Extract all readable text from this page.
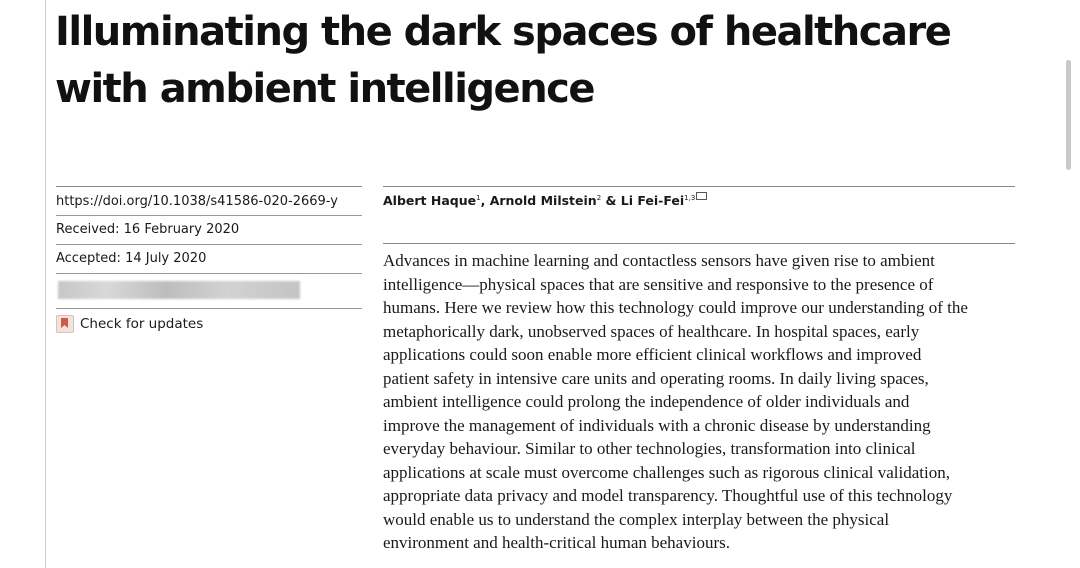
Illuminating the dark spaces of healthcare
with ambient intelligence
https://doi.org/10.1038/s41586-020-2669-y
Received: 16 February 2020
Accepted: 14 July 2020
Check for updates
Albert Haque$^1$, Arnold Milstein$^2$ & Li Fei-Fei$^{1,3}$
Advances in machine learning and contactless sensors have given rise to ambient
intelligence—physical spaces that are sensitive and responsive to the presence of
humans. Here we review how this technology could improve our understanding of the
metaphorically dark, unobserved spaces of healthcare. In hospital spaces, early
applications could soon enable more efficient clinical workflows and improved
patient safety in intensive care units and operating rooms. In daily living spaces,
ambient intelligence could prolong the independence of older individuals and
improve the management of individuals with a chronic disease by understanding
everyday behaviour. Similar to other technologies, transformation into clinical
applications at scale must overcome challenges such as rigorous clinical validation,
appropriate data privacy and model transparency. Thoughtful use of this technology
would enable us to understand the complex interplay between the physical
environment and health-critical human behaviours.
